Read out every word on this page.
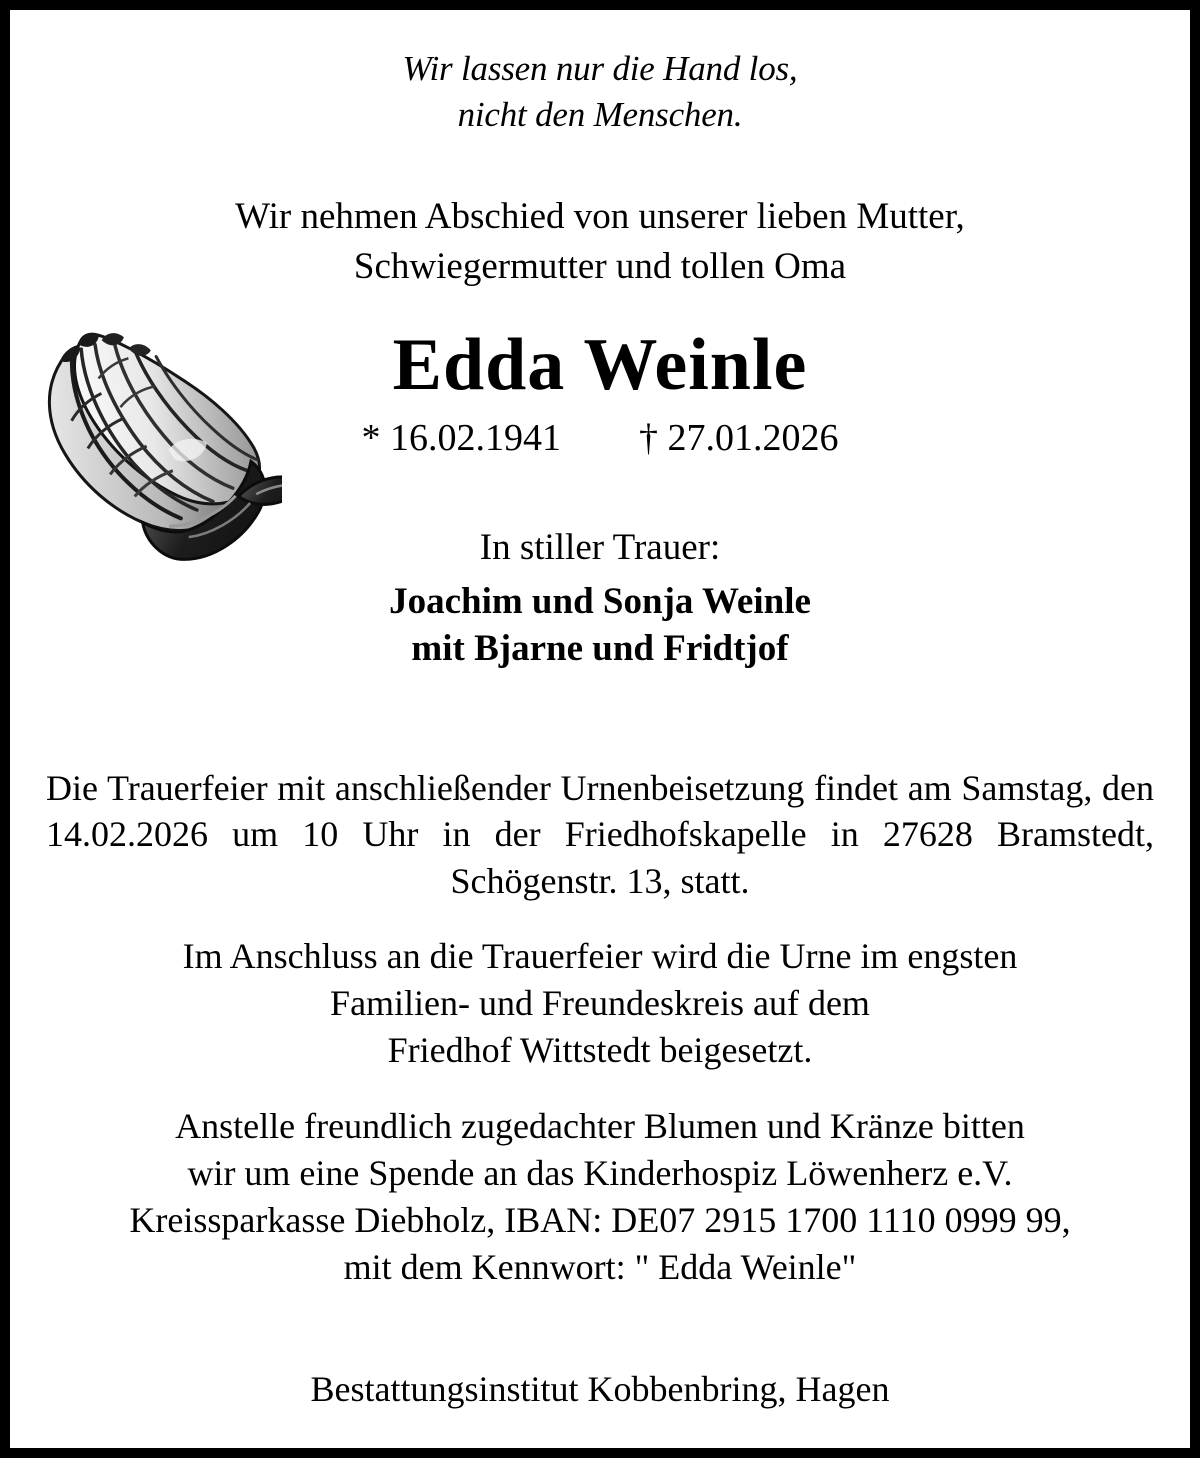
Wir lassen nur die Hand los,
nicht den Menschen.
Wir nehmen Abschied von unserer lieben Mutter,
Schwiegermutter und tollen Oma
Edda Weinle

* 16.02.1941 † 27.01.2026

In stiller Trauer:

Joachim und Sonja Weinle
mit Bjarne und Fridtjof

Die Trauerfeier mit anschließender Urnenbeisetzung findet am Samstag, den 14.02.2026 um 10 Uhr in der Friedhofskapelle in 27628 Bramstedt, Schögenstr. 13, statt.

Im Anschluss an die Trauerfeier wird die Urne im engsten
Familien- und Freundeskreis auf dem
Friedhof Wittstedt beigesetzt.

Anstelle freundlich zugedachter Blumen und Kränze bitten
wir um eine Spende an das Kinderhospiz Löwenherz e.V.
Kreissparkasse Diebholz, IBAN: DE07 2915 1700 1110 0999 99,
mit dem Kennwort: " Edda Weinle"

Bestattungsinstitut Kobbenbring, Hagen
